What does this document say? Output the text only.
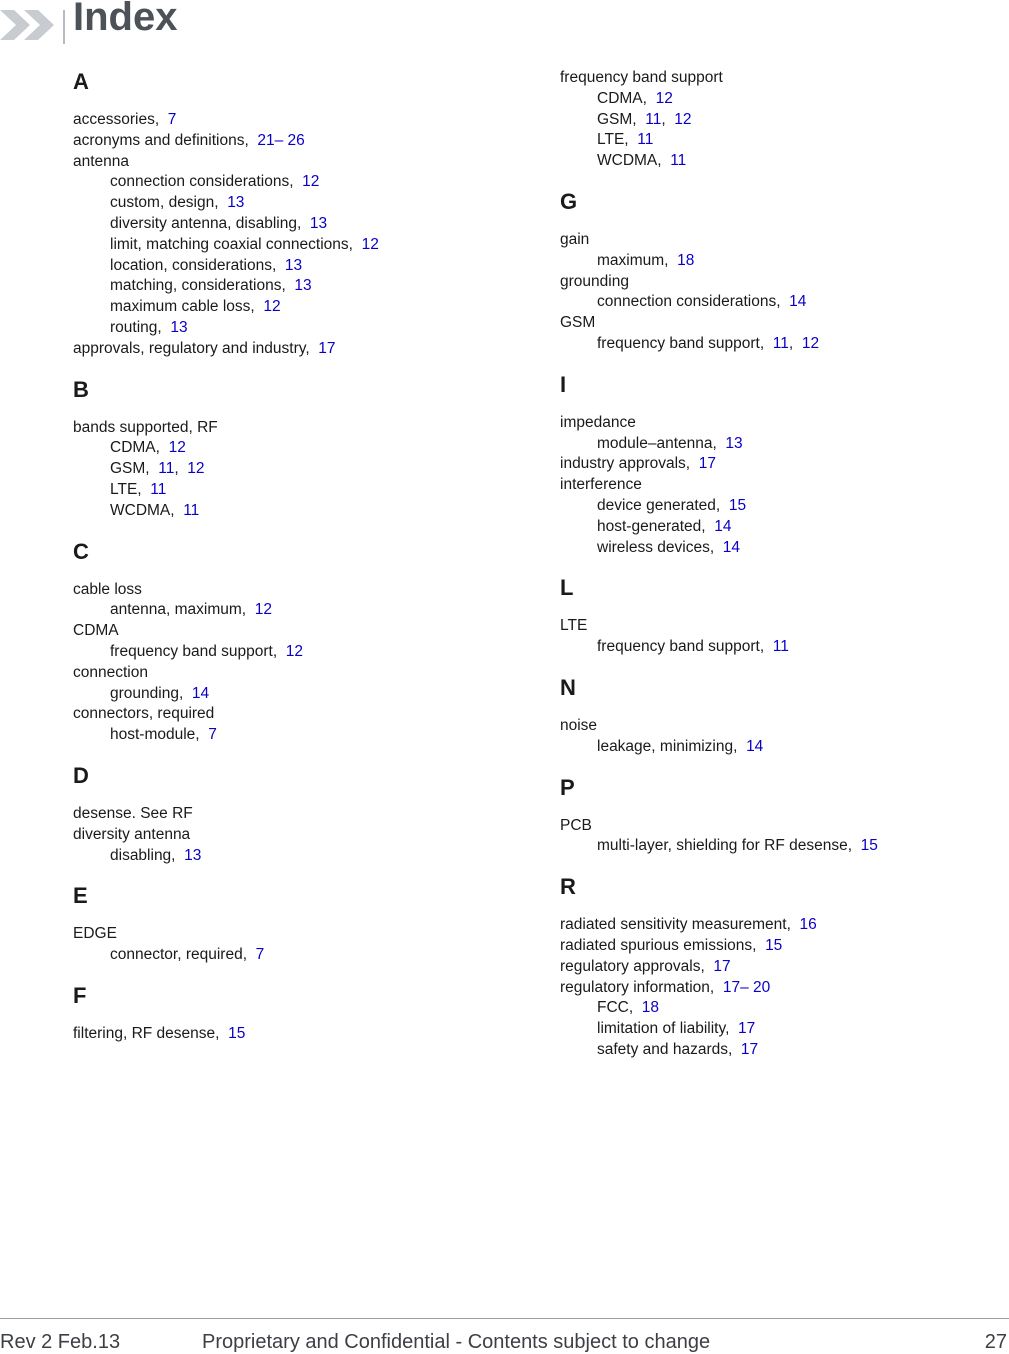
Index
A
accessories, 7
acronyms and definitions, 21– 26
antenna
connection considerations, 12
custom, design, 13
diversity antenna, disabling, 13
limit, matching coaxial connections, 12
location, considerations, 13
matching, considerations, 13
maximum cable loss, 12
routing, 13
approvals, regulatory and industry, 17
B
bands supported, RF
CDMA, 12
GSM, 11, 12
LTE, 11
WCDMA, 11
C
cable loss
antenna, maximum, 12
CDMA
frequency band support, 12
connection
grounding, 14
connectors, required
host-module, 7
D
desense. See RF
diversity antenna
disabling, 13
E
EDGE
connector, required, 7
F
filtering, RF desense, 15
frequency band support
CDMA, 12
GSM, 11, 12
LTE, 11
WCDMA, 11
G
gain
maximum, 18
grounding
connection considerations, 14
GSM
frequency band support, 11, 12
I
impedance
module–antenna, 13
industry approvals, 17
interference
device generated, 15
host-generated, 14
wireless devices, 14
L
LTE
frequency band support, 11
N
noise
leakage, minimizing, 14
P
PCB
multi-layer, shielding for RF desense, 15
R
radiated sensitivity measurement, 16
radiated spurious emissions, 15
regulatory approvals, 17
regulatory information, 17– 20
FCC, 18
limitation of liability, 17
safety and hazards, 17
Rev 2 Feb.13	Proprietary and Confidential - Contents subject to change	27
